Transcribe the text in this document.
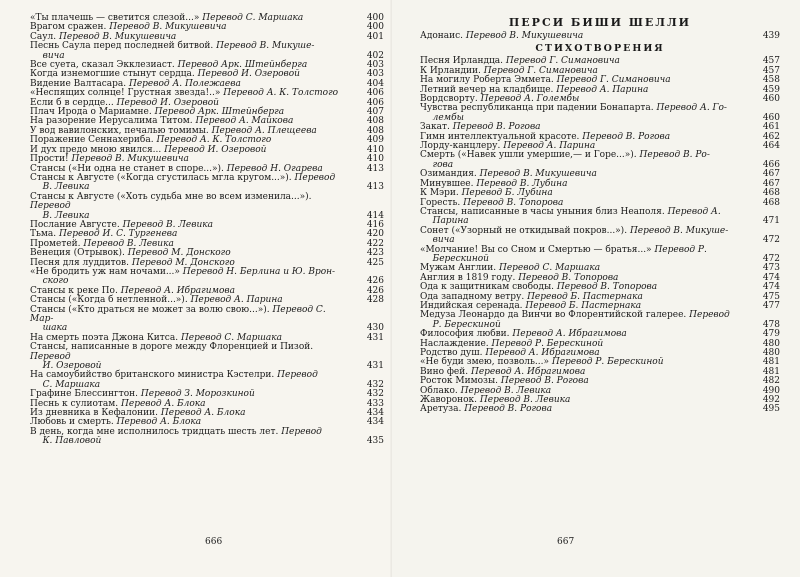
«Ты плачешь — светится слезой...» Перевод С. Маршака	400
Врагом сражен. Перевод В. Микушевича	400
Саул. Перевод В. Микушевича	401
Песнь Саула перед последней битвой. Перевод В. Микуше-
вича	402
Все суета, сказал Экклезиаст. Перевод Арк. Штейнберга	403
Когда изнемогшие стынут сердца. Перевод И. Озеровой	403
Видение Валтасара. Перевод А. Полежаева	404
«Неспящих солнце! Грустная звезда!..» Перевод А. К. Толстого	406
Если б в сердце... Перевод И. Озеровой	406
Плач Ирода о Мариамне. Перевод Арк. Штейнберга	407
На разорение Иерусалима Титом. Перевод А. Майкова	408
У вод вавилонских, печалью томимы. Перевод А. Плещеева	408
Поражение Сеннахериба. Перевод А. К. Толстого	409
И дух предо мною явился... Перевод И. Озеровой	410
Прости! Перевод В. Микушевича	410
Стансы («Ни одна не станет в споре...»). Перевод Н. Огарева	413
Стансы к Августе («Когда сгустилась мгла кругом...»). Перевод
В. Левика	413
Стансы к Августе («Хоть судьба мне во всем изменила...»). Перевод
В. Левика	414
Послание Августе. Перевод В. Левика	416
Тьма. Перевод И. С. Тургенева	420
Прометей. Перевод В. Левика	422
Венеция (Отрывок). Перевод М. Донского	423
Песня для луддитов. Перевод М. Донского	425
«Не бродить уж нам ночами...» Перевод Н. Берлина и Ю. Врон-
ского	426
Стансы к реке По. Перевод А. Ибрагимова	426
Стансы («Когда б нетленной...»). Перевод А. Парина	428
Стансы («Кто драться не может за волю свою...»). Перевод С. Мар-
шака	430
На смерть поэта Джона Китса. Перевод С. Маршака	431
Стансы, написанные в дороге между Флоренцией и Пизой. Перевод
И. Озеровой	431
На самоубийство британского министра Кэстелри. Перевод
С. Маршака	432
Графине Блессингтон. Перевод З. Морозкиной	432
Песнь к сулиотам. Перевод А. Блока	433
Из дневника в Кефалонии. Перевод А. Блока	434
Любовь и смерть. Перевод А. Блока	434
В день, когда мне исполнилось тридцать шесть лет. Перевод
К. Павловой	435
666
ПЕРСИ БИШИ ШЕЛЛИ
Адонаис. Перевод В. Микушевича	439
СТИХОТВОРЕНИЯ
Песня Ирландца. Перевод Г. Симановича	457
К Ирландии. Перевод Г. Симановича	457
На могилу Роберта Эммета. Перевод Г. Симановича	458
Летний вечер на кладбище. Перевод А. Парина	459
Вордсворту. Перевод А. Голембы	460
Чувства республиканца при падении Бонапарта. Перевод А. Го-
лембы	460
Закат. Перевод В. Рогова	461
Гимн интеллектуальной красоте. Перевод В. Рогова	462
Лорду-канцлеру. Перевод А. Парина	464
Смерть («Навек ушли умершие,— и Горе...»). Перевод В. Ро-
гова	466
Озимандия. Перевод В. Микушевича	467
Минувшее. Перевод В. Лубина	467
К Мэри. Перевод Б. Лубина	468
Горесть. Перевод В. Топорова	468
Стансы, написанные в часы уныния близ Неаполя. Перевод А.
Парина	471
Сонет («Узорный не откидывай покров...»). Перевод В. Микуше-
вича	472
«Молчание! Вы со Сном и Смертью — братья...» Перевод Р.
Берескиной	472
Мужам Англии. Перевод С. Маршака	473
Англия в 1819 году. Перевод В. Топорова	474
Ода к защитникам свободы. Перевод В. Топорова	474
Ода западному ветру. Перевод Б. Пастернака	475
Индийская серенада. Перевод Б. Пастернака	477
Медуза Леонардо да Винчи во Флорентийской галерее. Перевод
Р. Берескиной	478
Философия любви. Перевод А. Ибрагимова	479
Наслаждение. Перевод Р. Берескиной	480
Родство душ. Перевод А. Ибрагимова	480
«Не буди змею, позволь...» Перевод Р. Берескиной	481
Вино фей. Перевод А. Ибрагимова	481
Росток Мимозы. Перевод В. Рогова	482
Облако. Перевод В. Левика	490
Жаворонок. Перевод В. Левика	492
Аретуза. Перевод В. Рогова	495
667
